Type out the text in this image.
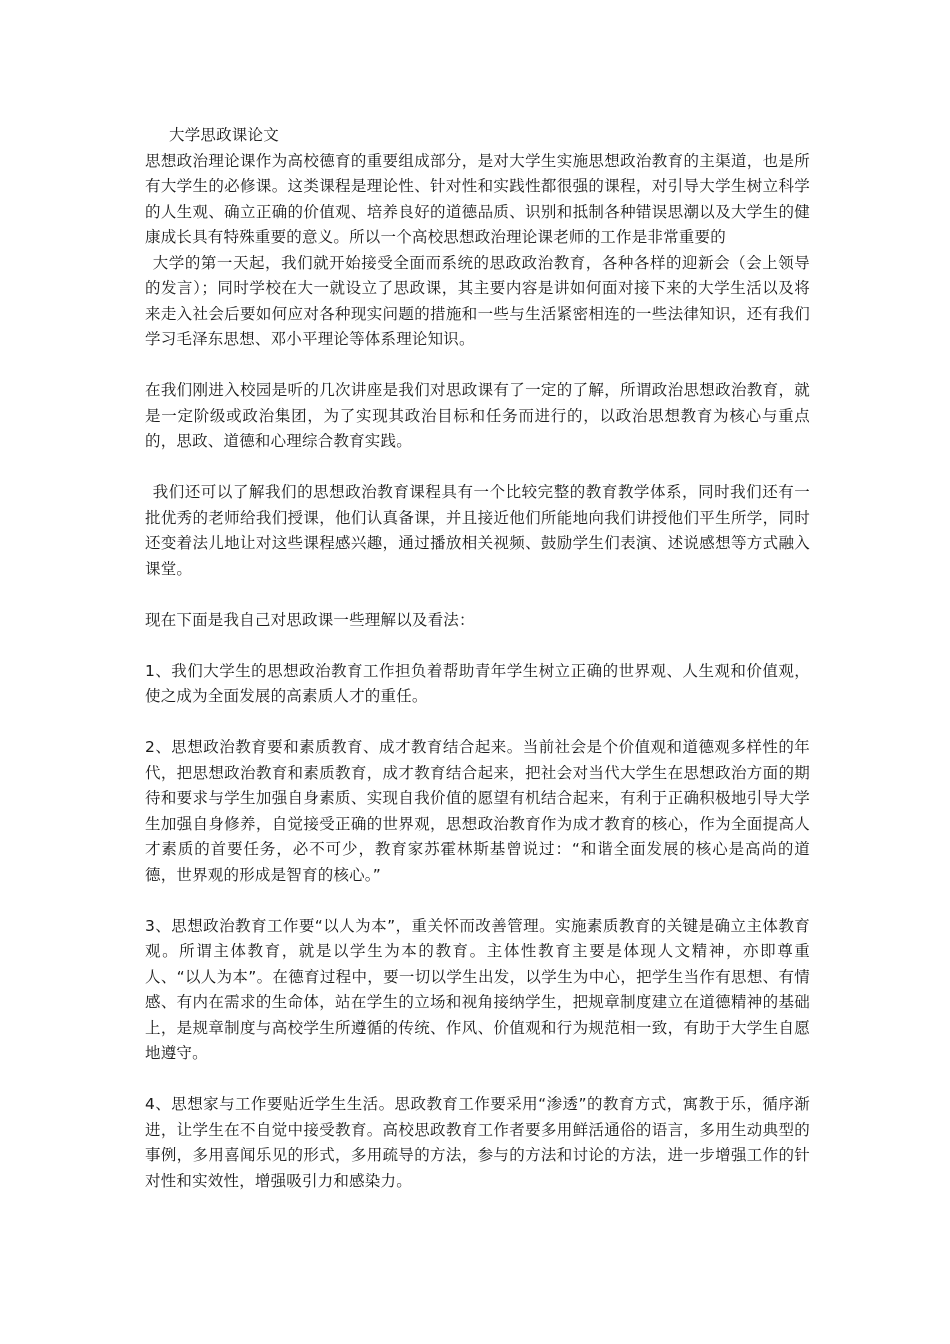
大学思政课论文

思想政治理论课作为高校德育的重要组成部分，是对大学生实施思想政治教育的主渠道，也是所有大学生的必修课。这类课程是理论性、针对性和实践性都很强的课程，对引导大学生树立科学的人生观、确立正确的价值观、培养良好的道德品质、识别和抵制各种错误思潮以及大学生的健康成长具有特殊重要的意义。所以一个高校思想政治理论课老师的工作是非常重要的

大学的第一天起，我们就开始接受全面而系统的思政政治教育，各种各样的迎新会（会上领导的发言）；同时学校在大一就设立了思政课，其主要内容是讲如何面对接下来的大学生活以及将来走入社会后要如何应对各种现实问题的措施和一些与生活紧密相连的一些法律知识，还有我们学习毛泽东思想、邓小平理论等体系理论知识。

在我们刚进入校园是听的几次讲座是我们对思政课有了一定的了解，所谓政治思想政治教育，就是一定阶级或政治集团，为了实现其政治目标和任务而进行的，以政治思想教育为核心与重点的，思政、道德和心理综合教育实践。

我们还可以了解我们的思想政治教育课程具有一个比较完整的教育教学体系，同时我们还有一批优秀的老师给我们授课，他们认真备课，并且接近他们所能地向我们讲授他们平生所学，同时还变着法儿地让对这些课程感兴趣，通过播放相关视频、鼓励学生们表演、述说感想等方式融入课堂。

现在下面是我自己对思政课一些理解以及看法：

1、我们大学生的思想政治教育工作担负着帮助青年学生树立正确的世界观、人生观和价值观，使之成为全面发展的高素质人才的重任。

2、思想政治教育要和素质教育、成才教育结合起来。当前社会是个价值观和道德观多样性的年代，把思想政治教育和素质教育，成才教育结合起来，把社会对当代大学生在思想政治方面的期待和要求与学生加强自身素质、实现自我价值的愿望有机结合起来，有利于正确积极地引导大学生加强自身修养，自觉接受正确的世界观，思想政治教育作为成才教育的核心，作为全面提高人才素质的首要任务，必不可少，教育家苏霍林斯基曾说过：“和谐全面发展的核心是高尚的道德，世界观的形成是智育的核心。”

3、思想政治教育工作要“以人为本”，重关怀而改善管理。实施素质教育的关键是确立主体教育观。所谓主体教育，就是以学生为本的教育。主体性教育主要是体现人文精神，亦即尊重人、“以人为本”。在德育过程中，要一切以学生出发，以学生为中心，把学生当作有思想、有情感、有内在需求的生命体，站在学生的立场和视角接纳学生，把规章制度建立在道德精神的基础上，是规章制度与高校学生所遵循的传统、作风、价值观和行为规范相一致，有助于大学生自愿地遵守。

4、思想家与工作要贴近学生生活。思政教育工作要采用“渗透”的教育方式，寓教于乐，循序渐进，让学生在不自觉中接受教育。高校思政教育工作者要多用鲜活通俗的语言，多用生动典型的事例，多用喜闻乐见的形式，多用疏导的方法，参与的方法和讨论的方法，进一步增强工作的针对性和实效性，增强吸引力和感染力。
